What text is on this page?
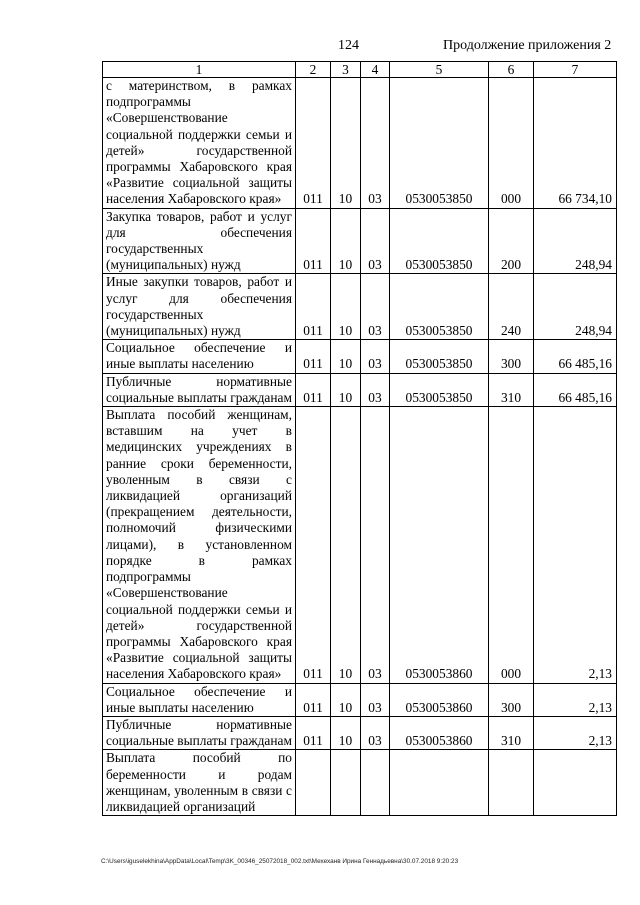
124	Продолжение приложения 2
1	2	3	4	5	6	7
с материнством, в рамках подпрограммы «Совершенствование социальной поддержки семьи и детей» государственной программы Хабаровского края «Развитие социальной защиты населения Хабаровского края»	011	10	03	0530053850	000	66 734,10
Закупка товаров, работ и услуг для обеспечения государственных (муниципальных) нужд	011	10	03	0530053850	200	248,94
Иные закупки товаров, работ и услуг для обеспечения государственных (муниципальных) нужд	011	10	03	0530053850	240	248,94
Социальное обеспечение и иные выплаты населению	011	10	03	0530053850	300	66 485,16
Публичные нормативные социальные выплаты гражданам	011	10	03	0530053850	310	66 485,16
Выплата пособий женщинам, вставшим на учет в медицинских учреждениях в ранние сроки беременности, уволенным в связи с ликвидацией организаций (прекращением деятельности, полномочий физическими лицами), в установленном порядке в рамках подпрограммы «Совершенствование социальной поддержки семьи и детей» государственной программы Хабаровского края «Развитие социальной защиты населения Хабаровского края»	011	10	03	0530053860	000	2,13
Социальное обеспечение и иные выплаты населению	011	10	03	0530053860	300	2,13
Публичные нормативные социальные выплаты гражданам	011	10	03	0530053860	310	2,13
Выплата пособий по беременности и родам женщинам, уволенным в связи с ликвидацией организаций						
C:\Users\iguselekhina\AppData\Local\Temp\3K_00346_25072018_002.txt\Мехеханв Ирина Геннадьевна\30.07.2018 9:20:23
